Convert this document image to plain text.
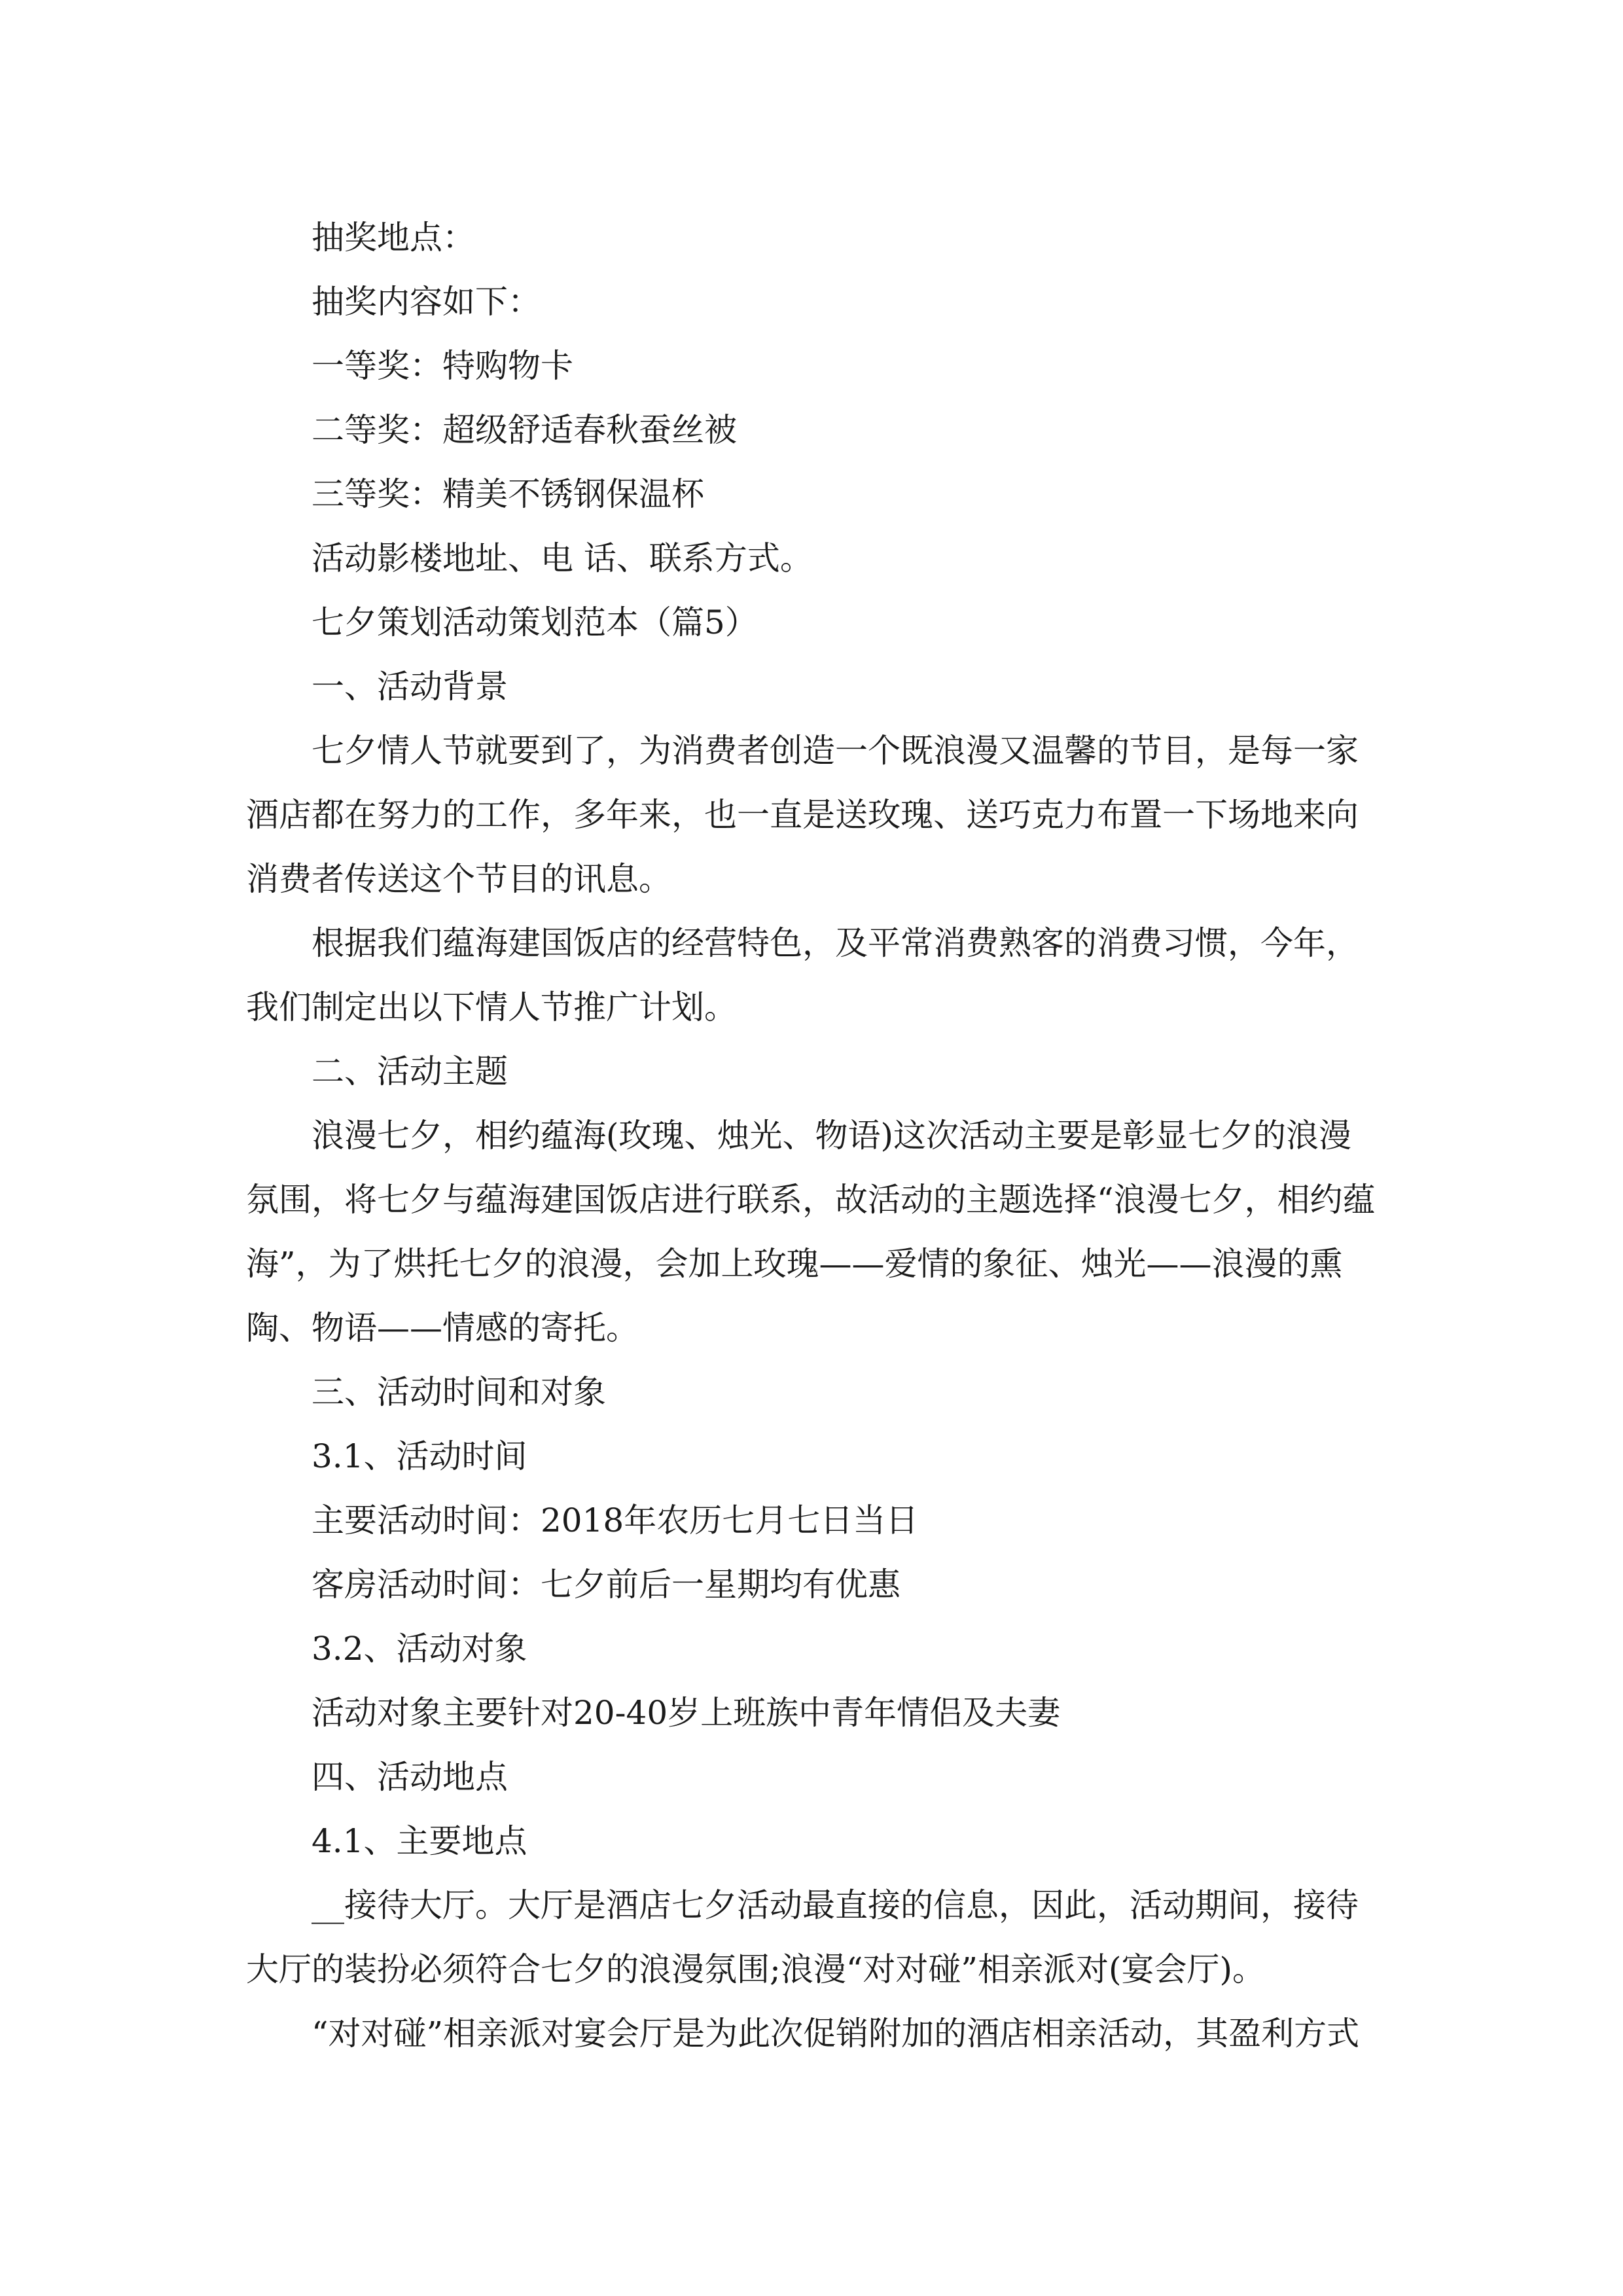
抽奖地点：

抽奖内容如下：

一等奖：特购物卡

二等奖：超级舒适春秋蚕丝被

三等奖：精美不锈钢保温杯

活动影楼地址、电 话、联系方式。

七夕策划活动策划范本（篇5）

一、活动背景

七夕情人节就要到了，为消费者创造一个既浪漫又温馨的节目，是每一家酒店都在努力的工作，多年来，也一直是送玫瑰、送巧克力布置一下场地来向消费者传送这个节目的讯息。

根据我们蕴海建国饭店的经营特色，及平常消费熟客的消费习惯，今年，我们制定出以下情人节推广计划。

二、活动主题

浪漫七夕，相约蕴海(玫瑰、烛光、物语)这次活动主要是彰显七夕的浪漫氛围，将七夕与蕴海建国饭店进行联系，故活动的主题选择“浪漫七夕，相约蕴海”，为了烘托七夕的浪漫，会加上玫瑰——爱情的象征、烛光——浪漫的熏陶、物语——情感的寄托。

三、活动时间和对象

3.1、活动时间

主要活动时间：2018年农历七月七日当日

客房活动时间：七夕前后一星期均有优惠

3.2、活动对象

活动对象主要针对20-40岁上班族中青年情侣及夫妻

四、活动地点

4.1、主要地点

__接待大厅。大厅是酒店七夕活动最直接的信息，因此，活动期间，接待大厅的装扮必须符合七夕的浪漫氛围;浪漫“对对碰”相亲派对(宴会厅)。

“对对碰”相亲派对宴会厅是为此次促销附加的酒店相亲活动，其盈利方式
